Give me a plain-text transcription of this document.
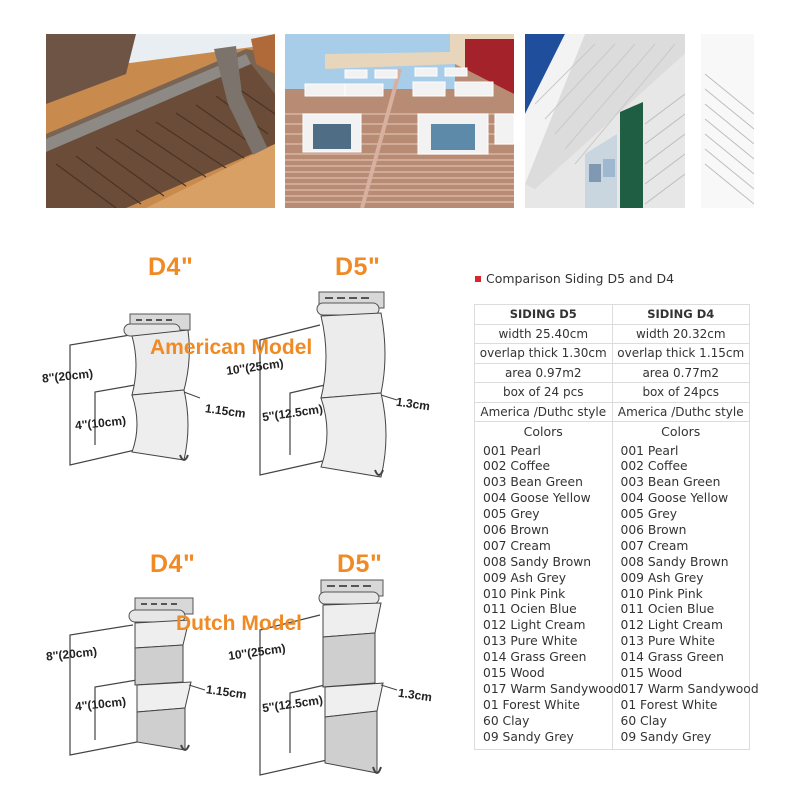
D4"
8''(20cm)
4''(10cm)
1.15cm
D5"
10''(25cm)
5''(12.5cm)	1.3cm
American Model
D4"
8''(20cm)
4''(10cm)
1.15cm
D5"
10''(25cm)
5''(12.5cm)	1.3cm
Dutch Model
Comparison Siding D5 and D4
SIDING D5	SIDING D4
width 25.40cm	width 20.32cm
overlap thick 1.30cm	overlap thick 1.15cm
area 0.97m2	area 0.77m2
box of 24 pcs	box of 24pcs
America /Duthc style	America /Duthc style
Colors	Colors

001 Pearl
002 Coffee
003 Bean Green
004 Goose Yellow
005 Grey
006 Brown
007 Cream
008 Sandy Brown
009 Ash Grey
010 Pink Pink
011 Ocien Blue
012 Light Cream
013 Pure White
014 Grass Green
015 Wood
017 Warm Sandywood
01 Forest White
60 Clay
09 Sandy Grey

001 Pearl
002 Coffee
003 Bean Green
004 Goose Yellow
005 Grey
006 Brown
007 Cream
008 Sandy Brown
009 Ash Grey
010 Pink Pink
011 Ocien Blue
012 Light Cream
013 Pure White
014 Grass Green
015 Wood
017 Warm Sandywood
01 Forest White
60 Clay
09 Sandy Grey
